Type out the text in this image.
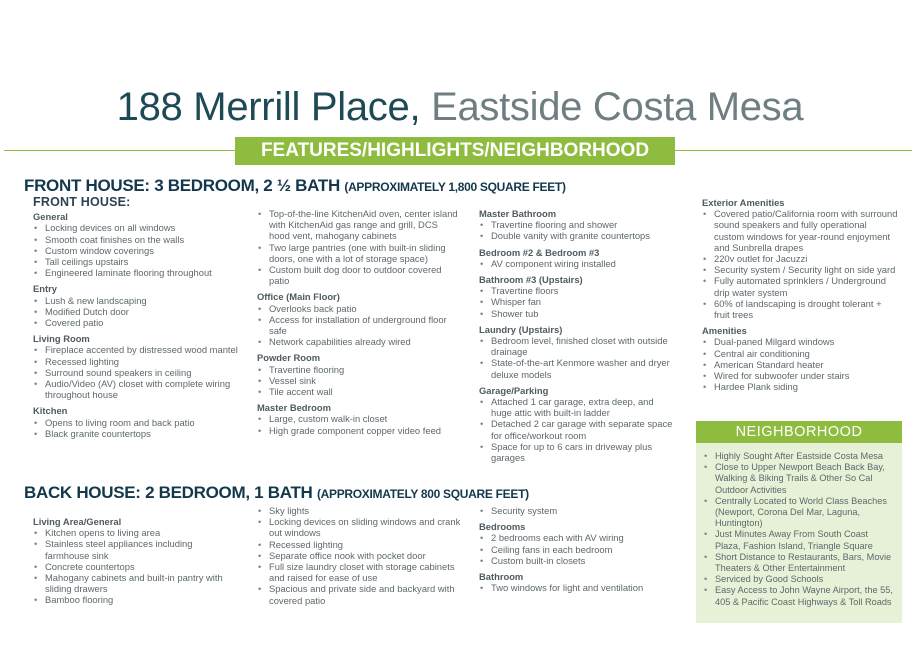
188 Merrill Place, Eastside Costa Mesa
FEATURES/HIGHLIGHTS/NEIGHBORHOOD
FRONT HOUSE: 3 BEDROOM, 2 ½ BATH (APPROXIMATELY 1,800 SQUARE FEET)
FRONT HOUSE:
General
• Locking devices on all windows
• Smooth coat finishes on the walls
• Custom window coverings
• Tall ceilings upstairs
• Engineered laminate flooring throughout
Entry
• Lush & new landscaping
• Modified Dutch door
• Covered patio
Living Room
• Fireplace accented by distressed wood mantel
• Recessed lighting
• Surround sound speakers in ceiling
• Audio/Video (AV) closet with complete wiring throughout house
Kitchen
• Opens to living room and back patio
• Black granite countertops
• Top-of-the-line KitchenAid oven, center island with KitchenAid gas range and grill, DCS hood vent, mahogany cabinets
• Two large pantries (one with built-in sliding doors, one with a lot of storage space)
• Custom built dog door to outdoor covered patio
Office (Main Floor)
• Overlooks back patio
• Access for installation of underground floor safe
• Network capabilities already wired
Powder Room
• Travertine flooring
• Vessel sink
• Tile accent wall
Master Bedroom
• Large, custom walk-in closet
• High grade component copper video feed
Master Bathroom
• Travertine flooring and shower
• Double vanity with granite countertops
Bedroom #2 & Bedroom #3
• AV component wiring installed
Bathroom #3 (Upstairs)
• Travertine floors
• Whisper fan
• Shower tub
Laundry (Upstairs)
• Bedroom level, finished closet with outside drainage
• State-of-the-art Kenmore washer and dryer deluxe models
Garage/Parking
• Attached 1 car garage, extra deep, and huge attic with built-in ladder
• Detached 2 car garage with separate space for office/workout room
• Space for up to 6 cars in driveway plus garages
Exterior Amenities
• Covered patio/California room with surround sound speakers and fully operational custom windows for year-round enjoyment and Sunbrella drapes
• 220v outlet for Jacuzzi
• Security system / Security light on side yard
• Fully automated sprinklers / Underground drip water system
• 60% of landscaping is drought tolerant + fruit trees
Amenities
• Dual-paned Milgard windows
• Central air conditioning
• American Standard heater
• Wired for subwoofer under stairs
• Hardee Plank siding
BACK HOUSE: 2 BEDROOM, 1 BATH (APPROXIMATELY 800 SQUARE FEET)
Living Area/General
• Kitchen opens to living area
• Stainless steel appliances including farmhouse sink
• Concrete countertops
• Mahogany cabinets and built-in pantry with sliding drawers
• Bamboo flooring
• Sky lights
• Locking devices on sliding windows and crank out windows
• Recessed lighting
• Separate office nook with pocket door
• Full size laundry closet with storage cabinets and raised for ease of use
• Spacious and private side and backyard with covered patio
• Security system
Bedrooms
• 2 bedrooms each with AV wiring
• Ceiling fans in each bedroom
• Custom built-in closets
Bathroom
• Two windows for light and ventilation
NEIGHBORHOOD
• Highly Sought After Eastside Costa Mesa
• Close to Upper Newport Beach Back Bay, Walking & Biking Trails & Other So Cal Outdoor Activities
• Centrally Located to World Class Beaches (Newport, Corona Del Mar, Laguna, Huntington)
• Just Minutes Away From South Coast Plaza, Fashion Island, Triangle Square
• Short Distance to Restaurants, Bars, Movie Theaters & Other Entertainment
• Serviced by Good Schools
• Easy Access to John Wayne Airport, the 55, 405 & Pacific Coast Highways & Toll Roads
